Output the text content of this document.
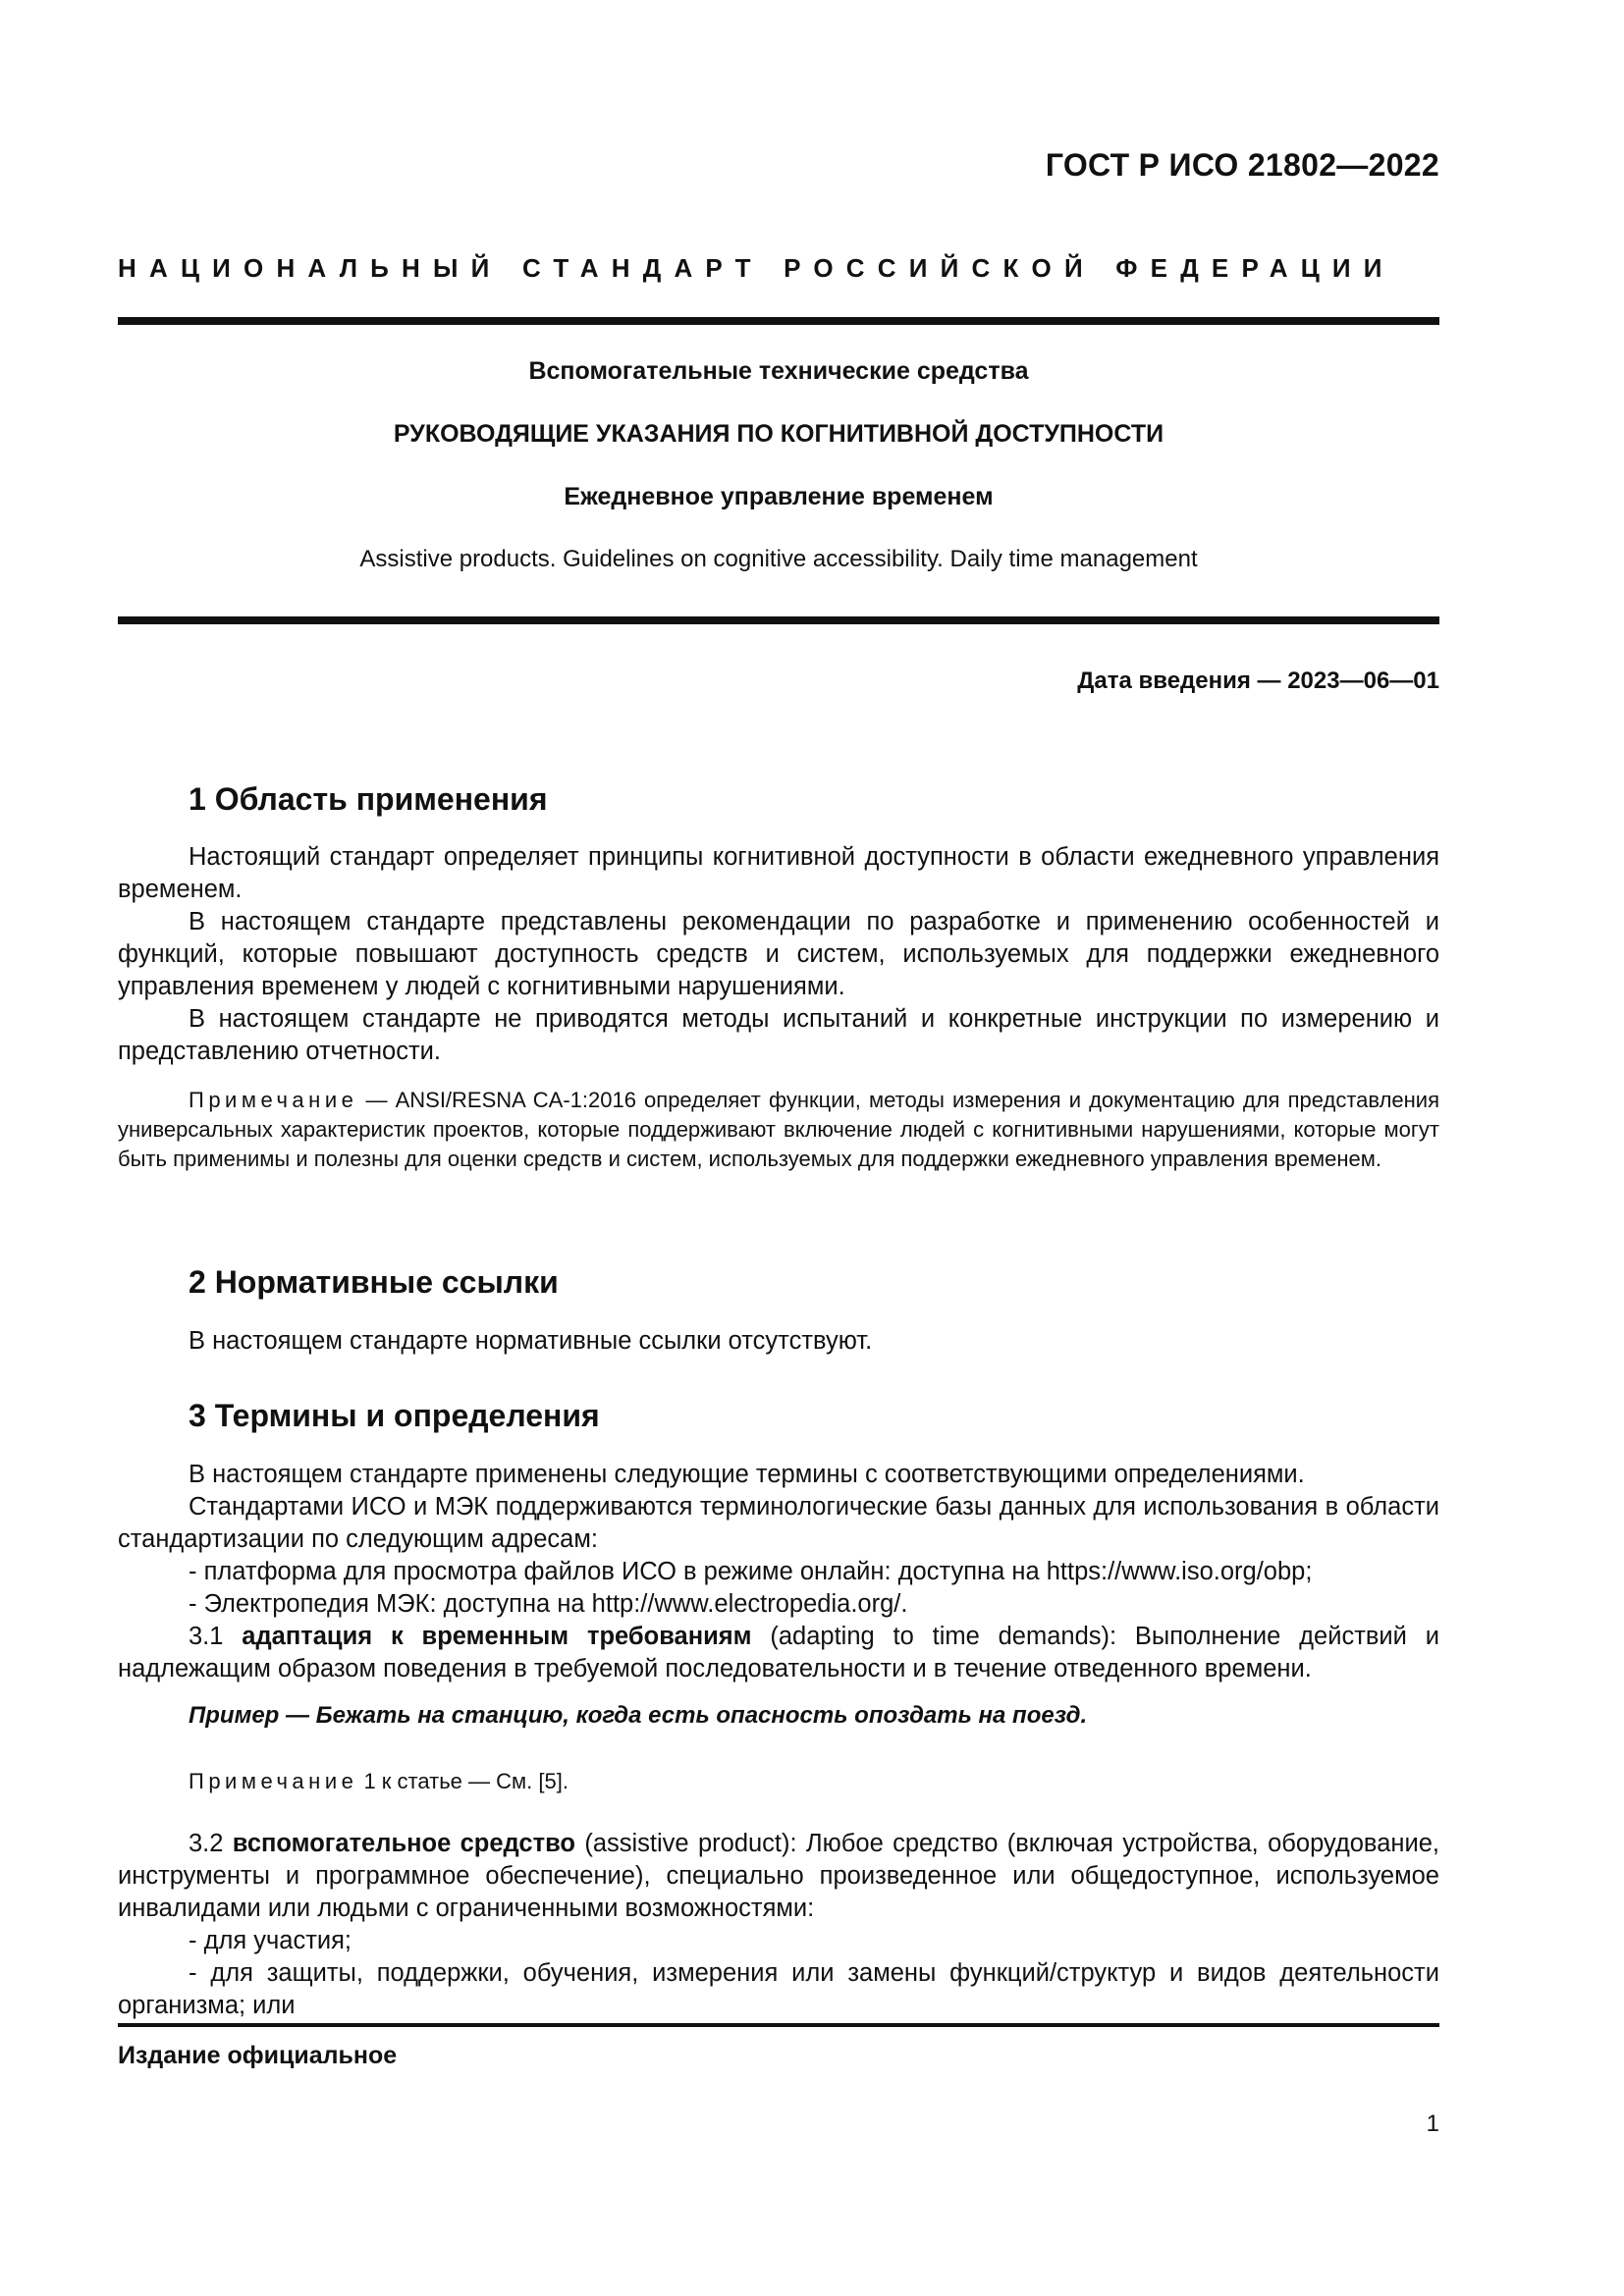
ГОСТ Р ИСО 21802—2022
НАЦИОНАЛЬНЫЙ СТАНДАРТ РОССИЙСКОЙ ФЕДЕРАЦИИ
Вспомогательные технические средства
РУКОВОДЯЩИЕ УКАЗАНИЯ ПО КОГНИТИВНОЙ ДОСТУПНОСТИ
Ежедневное управление временем
Assistive products. Guidelines on cognitive accessibility. Daily time management
Дата введения — 2023—06—01
1 Область применения
Настоящий стандарт определяет принципы когнитивной доступности в области ежедневного управления временем.
В настоящем стандарте представлены рекомендации по разработке и применению особенностей и функций, которые повышают доступность средств и систем, используемых для поддержки ежедневного управления временем у людей с когнитивными нарушениями.
В настоящем стандарте не приводятся методы испытаний и конкретные инструкции по измерению и представлению отчетности.
Примечание — ANSI/RESNA CA-1:2016 определяет функции, методы измерения и документацию для представления универсальных характеристик проектов, которые поддерживают включение людей с когнитивными нарушениями, которые могут быть применимы и полезны для оценки средств и систем, используемых для поддержки ежедневного управления временем.
2 Нормативные ссылки
В настоящем стандарте нормативные ссылки отсутствуют.
3 Термины и определения
В настоящем стандарте применены следующие термины с соответствующими определениями.
Стандартами ИСО и МЭК поддерживаются терминологические базы данных для использования в области стандартизации по следующим адресам:
- платформа для просмотра файлов ИСО в режиме онлайн: доступна на https://www.iso.org/obp;
- Электропедия МЭК: доступна на http://www.electropedia.org/.
3.1 адаптация к временным требованиям (adapting to time demands): Выполнение действий и надлежащим образом поведения в требуемой последовательности и в течение отведенного времени.
Пример — Бежать на станцию, когда есть опасность опоздать на поезд.
Примечание 1 к статье — См. [5].
3.2 вспомогательное средство (assistive product): Любое средство (включая устройства, оборудование, инструменты и программное обеспечение), специально произведенное или общедоступное, используемое инвалидами или людьми с ограниченными возможностями:
- для участия;
- для защиты, поддержки, обучения, измерения или замены функций/структур и видов деятельности организма; или
Издание официальное
1
